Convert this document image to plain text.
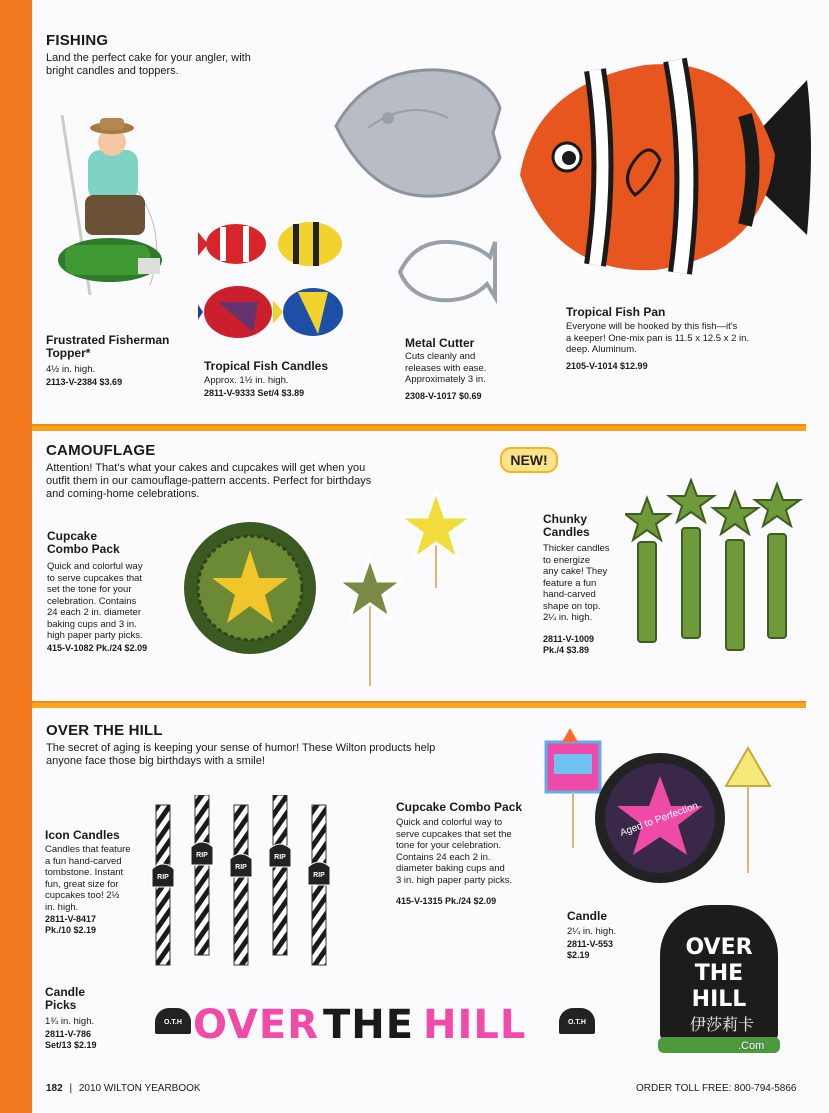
FISHING
Land the perfect cake for your angler, with
bright candles and toppers.
Frustrated Fisherman
Topper*
4½ in. high.
2113-V-2384 $3.69
Tropical Fish Candles
Approx. 1½ in. high.
2811-V-9333 Set/4 $3.89
Metal Cutter
Cuts cleanly and
releases with ease.
Approximately 3 in.
2308-V-1017 $0.69
Tropical Fish Pan
Everyone will be hooked by this fish—it's
a keeper! One-mix pan is 11.5 x 12.5 x 2 in.
deep. Aluminum.
2105-V-1014 $12.99
CAMOUFLAGE
Attention! That's what your cakes and cupcakes will get when you
outfit them in our camouflage-pattern accents. Perfect for birthdays
and coming-home celebrations.
NEW!
Cupcake
Combo Pack
Quick and colorful way
to serve cupcakes that
set the tone for your
celebration. Contains
24 each 2 in. diameter
baking cups and 3 in.
high paper party picks.
415-V-1082 Pk./24 $2.09
Chunky
Candles
Thicker candles
to energize
any cake! They
feature a fun
hand-carved
shape on top.
2¼ in. high.
2811-V-1009
Pk./4 $3.89
OVER THE HILL
The secret of aging is keeping your sense of humor! These Wilton products help
anyone face those big birthdays with a smile!
Icon Candles
Candles that feature
a fun hand-carved
tombstone. Instant
fun, great size for
cupcakes too! 2½
in. high.
2811-V-8417
Pk./10 $2.19
RIP
RIP
RIP
RIP
RIP
Cupcake Combo Pack
Quick and colorful way to
serve cupcakes that set the
tone for your celebration.
Contains 24 each 2 in.
diameter baking cups and
3 in. high paper party picks.
415-V-1315 Pk./24 $2.09
Aged to Perfection
Candle
2¼ in. high.
2811-V-553
$2.19	OVER
THE
HILL
Candle
Picks
1¾ in. high.
2811-V-786
Set/13 $2.19
O.T.H OVER THE HILL	O.T.H	伊莎莉卡
.Com
182 | 2010 WILTON YEARBOOK	ORDER TOLL FREE: 800-794-5866
